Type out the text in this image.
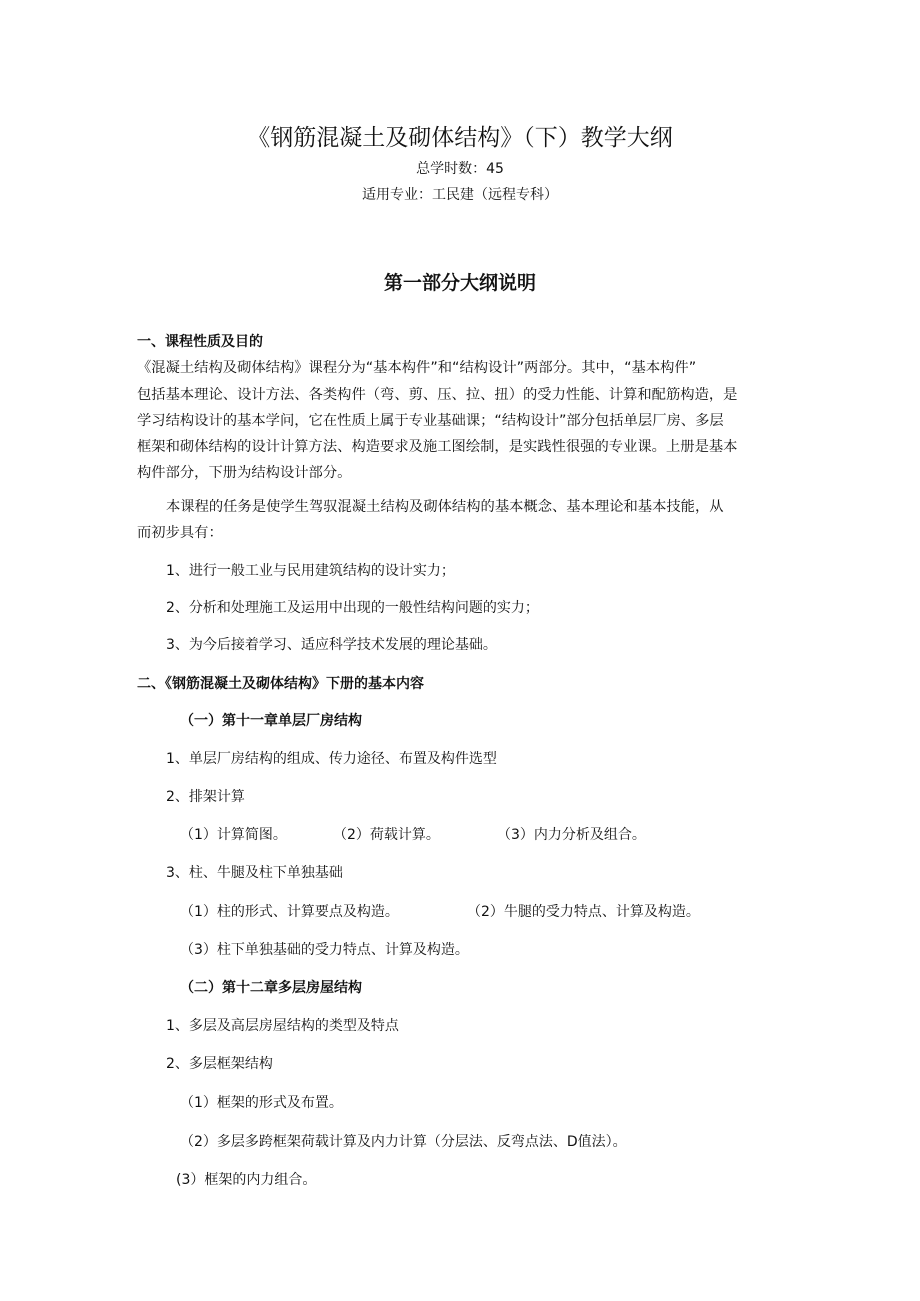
《钢筋混凝土及砌体结构》（下）教学大纲
总学时数：45
适用专业：工民建（远程专科）
第一部分大纲说明
一、课程性质及目的
《混凝土结构及砌体结构》课程分为“基本构件”和“结构设计”两部分。其中，“基本构件”
包括基本理论、设计方法、各类构件（弯、剪、压、拉、扭）的受力性能、计算和配筋构造，是
学习结构设计的基本学问，它在性质上属于专业基础课；“结构设计”部分包括单层厂房、多层
框架和砌体结构的设计计算方法、构造要求及施工图绘制，是实践性很强的专业课。上册是基本
构件部分，下册为结构设计部分。
本课程的任务是使学生驾驭混凝土结构及砌体结构的基本概念、基本理论和基本技能，从
而初步具有：
1、进行一般工业与民用建筑结构的设计实力；
2、分析和处理施工及运用中出现的一般性结构问题的实力；
3、为今后接着学习、适应科学技术发展的理论基础。
二、《钢筋混凝土及砌体结构》下册的基本内容
（一）第十一章单层厂房结构
1、单层厂房结构的组成、传力途径、布置及构件选型
2、排架计算
（1）计算简图。	（2）荷载计算。	（3）内力分析及组合。
3、柱、牛腿及柱下单独基础
（1）柱的形式、计算要点及构造。	（2）牛腿的受力特点、计算及构造。
（3）柱下单独基础的受力特点、计算及构造。
（二）第十二章多层房屋结构
1、多层及高层房屋结构的类型及特点
2、多层框架结构
（1）框架的形式及布置。
（2）多层多跨框架荷载计算及内力计算（分层法、反弯点法、D值法）。
(3）框架的内力组合。
